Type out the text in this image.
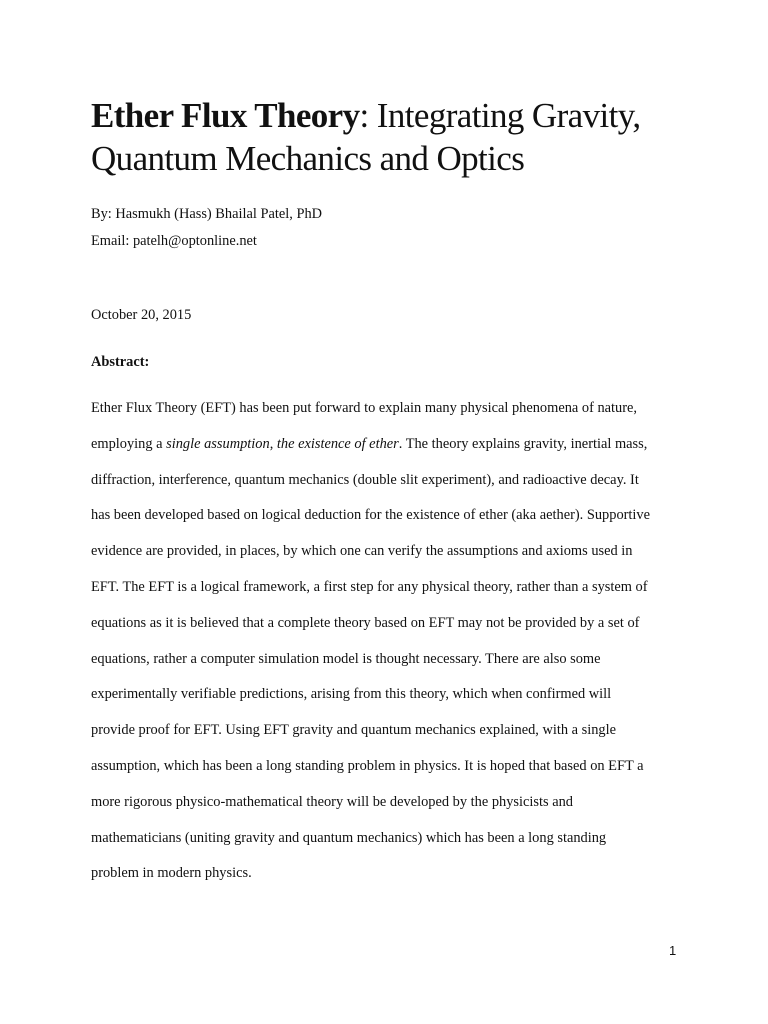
Ether Flux Theory: Integrating Gravity,
Quantum Mechanics and Optics

By: Hasmukh (Hass) Bhailal Patel, PhD

Email: patelh@optonline.net

October 20, 2015

Abstract:

Ether Flux Theory (EFT) has been put forward to explain many physical phenomena of nature,
employing a single assumption, the existence of ether. The theory explains gravity, inertial mass,
diffraction, interference, quantum mechanics (double slit experiment), and radioactive decay. It
has been developed based on logical deduction for the existence of ether (aka aether). Supportive
evidence are provided, in places, by which one can verify the assumptions and axioms used in
EFT. The EFT is a logical framework, a first step for any physical theory, rather than a system of
equations as it is believed that a complete theory based on EFT may not be provided by a set of
equations, rather a computer simulation model is thought necessary. There are also some
experimentally verifiable predictions, arising from this theory, which when confirmed will
provide proof for EFT. Using EFT gravity and quantum mechanics explained, with a single
assumption, which has been a long standing problem in physics. It is hoped that based on EFT a
more rigorous physico-mathematical theory will be developed by the physicists and
mathematicians (uniting gravity and quantum mechanics) which has been a long standing
problem in modern physics.

1
